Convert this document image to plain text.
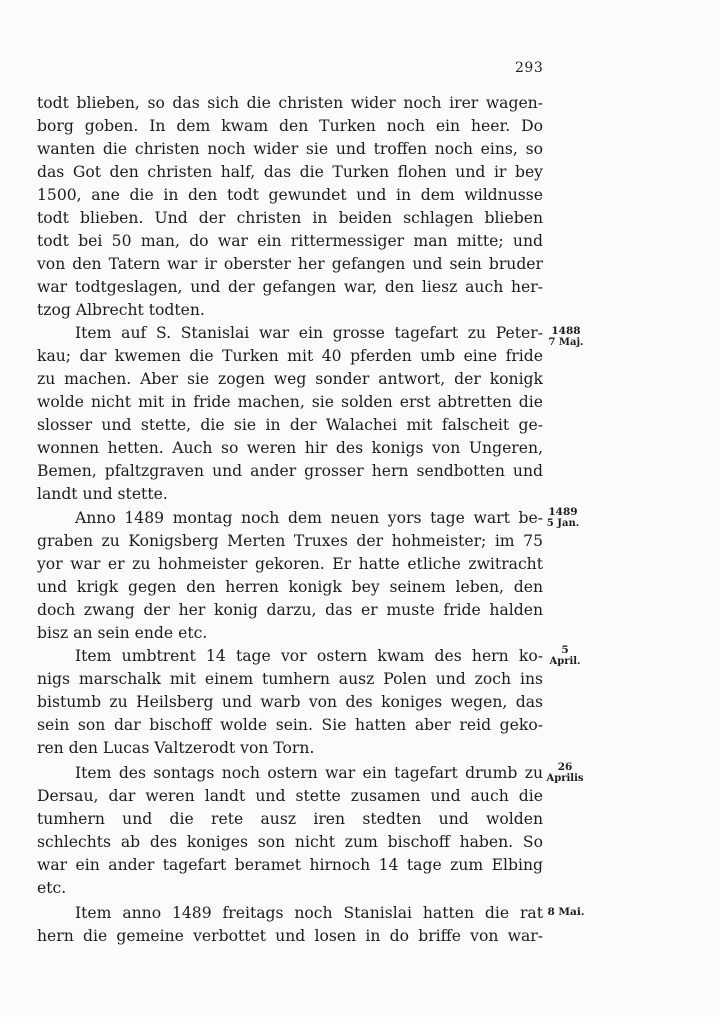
293
todt blieben, so das sich die christen wider noch irer wagen-
borg goben. In dem kwam den Turken noch ein heer. Do
wanten die christen noch wider sie und troffen noch eins, so
das Got den christen half, das die Turken flohen und ir bey
1500, ane die in den todt gewundet und in dem wildnusse
todt blieben. Und der christen in beiden schlagen blieben
todt bei 50 man, do war ein rittermessiger man mitte; und
von den Tatern war ir oberster her gefangen und sein bruder
war todtgeslagen, und der gefangen war, den liesz auch her-
tzog Albrecht todten.
Item auf S. Stanislai war ein grosse tagefart zu Peter-
kau; dar kwemen die Turken mit 40 pferden umb eine fride
zu machen. Aber sie zogen weg sonder antwort, der konigk
wolde nicht mit in fride machen, sie solden erst abtretten die
slosser und stette, die sie in der Walachei mit falscheit ge-
wonnen hetten. Auch so weren hir des konigs von Ungeren,
Bemen, pfaltzgraven und ander grosser hern sendbotten und
landt und stette.
Anno 1489 montag noch dem neuen yors tage wart be-
graben zu Konigsberg Merten Truxes der hohmeister; im 75
yor war er zu hohmeister gekoren. Er hatte etliche zwitracht
und krigk gegen den herren konigk bey seinem leben, den
doch zwang der her konig darzu, das er muste fride halden
bisz an sein ende etc.
Item umbtrent 14 tage vor ostern kwam des hern ko-
nigs marschalk mit einem tumhern ausz Polen und zoch ins
bistumb zu Heilsberg und warb von des koniges wegen, das
sein son dar bischoff wolde sein. Sie hatten aber reid geko-
ren den Lucas Valtzerodt von Torn.
Item des sontags noch ostern war ein tagefart drumb zu
Dersau, dar weren landt und stette zusamen und auch die
tumhern und die rete ausz iren stedten und wolden
schlechts ab des koniges son nicht zum bischoff haben. So
war ein ander tagefart beramet hirnoch 14 tage zum Elbing
etc.
Item anno 1489 freitags noch Stanislai hatten die rat
hern die gemeine verbottet und losen in do briffe von war-
1488
7 Maj.
1489
5 Jan.
5
April.
26
Aprilis
8 Mai.
